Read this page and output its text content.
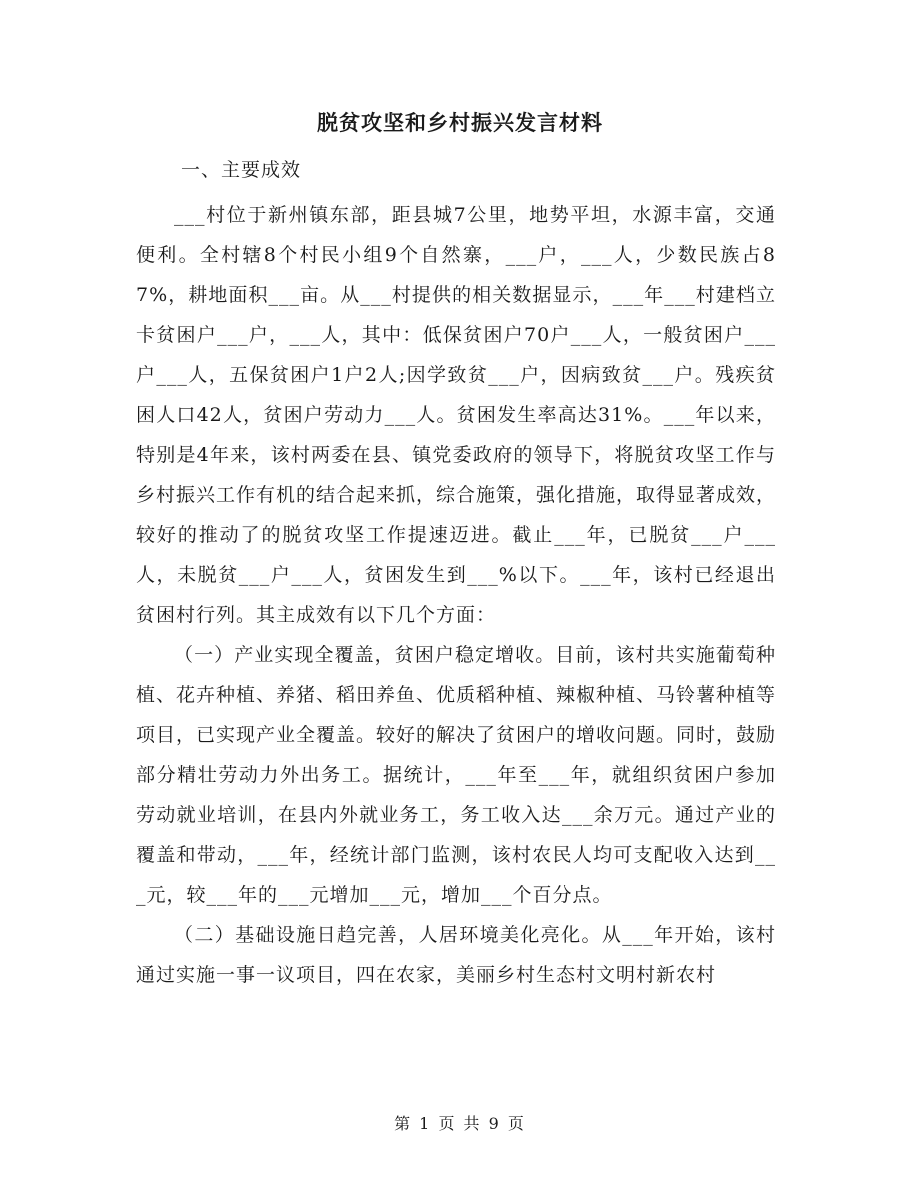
脱贫攻坚和乡村振兴发言材料
一、主要成效

___村位于新州镇东部，距县城7公里，地势平坦，水源丰富，交通便利。全村辖8个村民小组9个自然寨，___户，___人，少数民族占87%，耕地面积___亩。从___村提供的相关数据显示，___年___村建档立卡贫困户___户，___人，其中：低保贫困户70户___人，一般贫困户___户___人，五保贫困户1户2人;因学致贫___户，因病致贫___户。残疾贫困人口42人，贫困户劳动力___人。贫困发生率高达31%。___年以来，特别是4年来，该村两委在县、镇党委政府的领导下，将脱贫攻坚工作与乡村振兴工作有机的结合起来抓，综合施策，强化措施，取得显著成效，较好的推动了的脱贫攻坚工作提速迈进。截止___年，已脱贫___户___人，未脱贫___户___人，贫困发生到___%以下。___年，该村已经退出贫困村行列。其主成效有以下几个方面：

（一）产业实现全覆盖，贫困户稳定增收。目前，该村共实施葡萄种植、花卉种植、养猪、稻田养鱼、优质稻种植、辣椒种植、马铃薯种植等项目，已实现产业全覆盖。较好的解决了贫困户的增收问题。同时，鼓励部分精壮劳动力外出务工。据统计，___年至___年，就组织贫困户参加劳动就业培训，在县内外就业务工，务工收入达___余万元。通过产业的覆盖和带动，___年，经统计部门监测，该村农民人均可支配收入达到___元，较___年的___元增加___元，增加___个百分点。

（二）基础设施日趋完善，人居环境美化亮化。从___年开始，该村通过实施一事一议项目，四在农家，美丽乡村生态村文明村新农村

第 1 页 共 9 页
